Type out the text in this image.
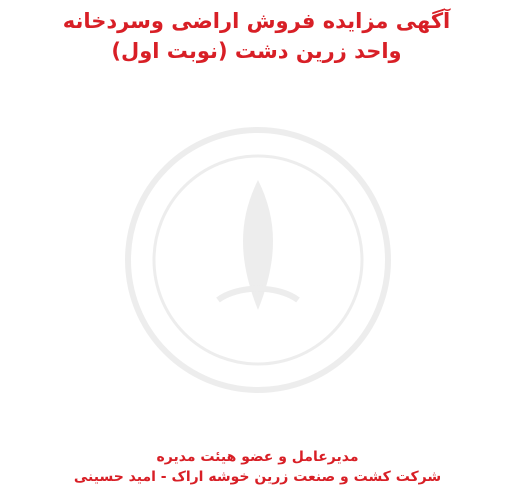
آگهی مزایده فروش اراضی وسردخانه
واحد زرین دشت (نوبت اول)

مدیرعامل و عضو هیئت مدیره
شرکت کشت و صنعت زرین خوشه اراک - امید حسینی
